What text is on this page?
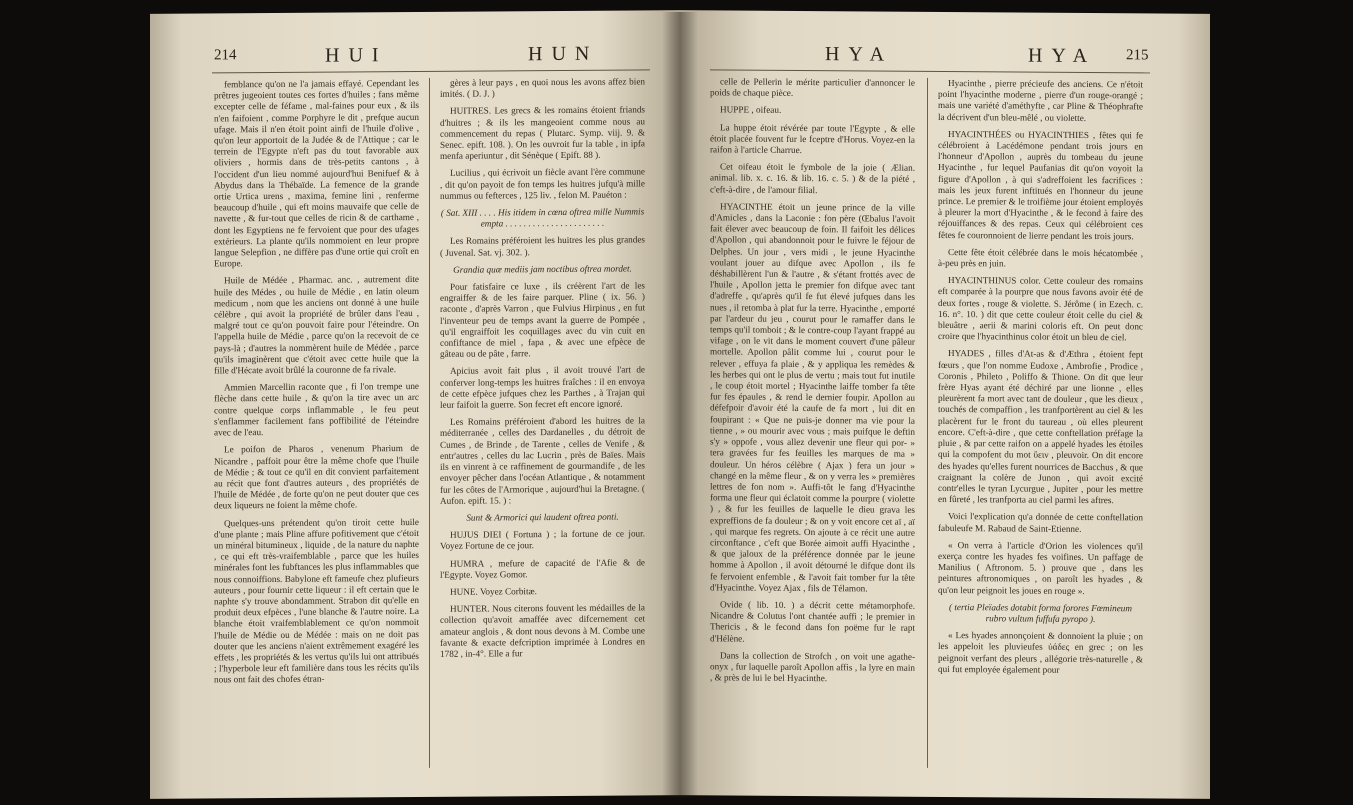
214	HUI	HUN

femblance qu'on ne l'a jamais effayé. Cependant les prêtres jugeoient toutes ces fortes d'huiles ; fans même excepter celle de féfame , mal-faines pour eux , & ils n'en faifoient , comme Porphyre le dit , prefque aucun ufage. Mais il n'en étoit point ainfi de l'huile d'olive , qu'on leur apportoit de la Judée & de l'Attique ; car le terrein de l'Egypte n'eft pas du tout favorable aux oliviers , hormis dans de très-petits cantons , à l'occident d'un lieu nommé aujourd'hui Benifuef & à Abydus dans la Thébaïde. La femence de la grande ortie Urtica urens , maxima, femine lini , renferme beaucoup d'huile , qui eft moins mauvaife que celle de navette , & fur-tout que celles de ricin & de carthame , dont les Egyptiens ne fe fervoient que pour des ufages extérieurs. La plante qu'ils nommoient en leur propre langue Selepfion , ne diffère pas d'une ortie qui croît en Europe.

Huile de Médée , Pharmac. anc. , autrement dite huile des Médes , ou huile de Médie , en latin oleum medicum , nom que les anciens ont donné à une huile célèbre , qui avoit la propriété de brûler dans l'eau , malgré tout ce qu'on pouvoit faire pour l'éteindre. On l'appella huile de Médie , parce qu'on la recevoit de ce pays-là ; d'autres la nommèrent huile de Médée , parce qu'ils imaginèrent que c'étoit avec cette huile que la fille d'Hécate avoit brûlé la couronne de fa rivale.

Ammien Marcellin raconte que , fi l'on trempe une flèche dans cette huile , & qu'on la tire avec un arc contre quelque corps inflammable , le feu peut s'enflammer facilement fans poffibilité de l'éteindre avec de l'eau.

Le poifon de Pharos , venenum Pharium de Nicandre , paffoit pour être la même chofe que l'huile de Médie ; & tout ce qu'il en dit convient parfaitement au récit que font d'autres auteurs , des propriétés de l'huile de Médée , de forte qu'on ne peut douter que ces deux liqueurs ne foient la même chofe.

Quelques-uns prétendent qu'on tiroit cette huile d'une plante ; mais Pline affure pofitivement que c'étoit un minéral bitumineux , liquide , de la nature du naphte , ce qui eft très-vraifemblable , parce que les huiles minérales font les fubftances les plus inflammables que nous connoiffions. Babylone eft fameufe chez plufieurs auteurs , pour fournir cette liqueur : il eft certain que le naphte s'y trouve abondamment. Strabon dit qu'elle en produit deux efpèces , l'une blanche & l'autre noire. La blanche étoit vraifemblablement ce qu'on nommoit l'huile de Médie ou de Médée : mais on ne doit pas douter que les anciens n'aient extrêmement exagéré les effets , les propriétés & les vertus qu'ils lui ont attribués ; l'hyperbole leur eft familière dans tous les récits qu'ils nous ont fait des chofes étran-

gères à leur pays , en quoi nous les avons affez bien imités. ( D. J. )

HUITRES. Les grecs & les romains étoient friands d'huitres ; & ils les mangeoient comme nous au commencement du repas ( Plutarc. Symp. viij. 9. & Senec. epift. 108. ). On les ouvroit fur la table , in ipfa menfa aperiuntur , dit Sénèque ( Epift. 88 ).

Lucilius , qui écrivoit un fiècle avant l'ère commune , dit qu'on payoit de fon temps les huitres jufqu'à mille nummus ou fefterces , 125 liv. , felon M. Pauéton :

( Sat. XIII . . . . His itidem in cœna oftrea mille Nummis empta . . . . . . . . . . . . . . . . . . . . . .

Les Romains préféroient les huitres les plus grandes ( Juvenal. Sat. vj. 302. ).

Grandia quæ mediis jam noctibus oftrea mordet.

Pour fatisfaire ce luxe , ils créèrent l'art de les engraiffer & de les faire parquer. Pline ( ix. 56. ) raconte , d'après Varron , que Fulvius Hirpinus , en fut l'inventeur peu de temps avant la guerre de Pompée , qu'il engraiffoit les coquillages avec du vin cuit en confiftance de miel , fapa , & avec une efpèce de gâteau ou de pâte , farre.

Apicius avoit fait plus , il avoit trouvé l'art de conferver long-temps les huitres fraîches : il en envoya de cette efpèce jufques chez les Parthes , à Trajan qui leur faifoit la guerre. Son fecret eft encore ignoré.

Les Romains préféroient d'abord les huitres de la méditerranée , celles des Dardanelles , du détroit de Cumes , de Brinde , de Tarente , celles de Venife , & entr'autres , celles du lac Lucrin , près de Baïes. Mais ils en vinrent à ce raffinement de gourmandife , de les envoyer pêcher dans l'océan Atlantique , & notamment fur les côtes de l'Armorique , aujourd'hui la Bretagne. ( Aufon. epift. 15. ) :

Sunt & Armorici qui laudent oftrea ponti.

HUJUS DIEI ( Fortuna ) ; la fortune de ce jour. Voyez Fortune de ce jour.

HUMRA , mefure de capacité de l'Afie & de l'Egypte. Voyez Gomor.

HUNE. Voyez Corbitæ.

HUNTER. Nous citerons fouvent les médailles de la collection qu'avoit amaffée avec difcernement cet amateur anglois , & dont nous devons à M. Combe une favante & exacte defcription imprimée à Londres en 1782 , in-4°. Elle a fur

HYA	HYA 215

celle de Pellerin le mérite particulier d'annoncer le poids de chaque pièce.

HUPPE , oifeau.

La huppe étoit révérée par toute l'Egypte , & elle étoit placée fouvent fur le fceptre d'Horus. Voyez-en la raifon à l'article Charrue.

Cet oifeau étoit le fymbole de la joie ( Ælian. animal. lib. x. c. 16. & lib. 16. c. 5. ) & de la piété , c'eft-à-dire , de l'amour filial.

HYACINTHE étoit un jeune prince de la ville d'Amicles , dans la Laconie : fon père (Œbalus l'avoit fait élever avec beaucoup de foin. Il faifoit les délices d'Apollon , qui abandonnoit pour le fuivre le féjour de Delphes. Un jour , vers midi , le jeune Hyacinthe voulant jouer au difque avec Apollon , ils fe déshabillèrent l'un & l'autre , & s'étant frottés avec de l'huile , Apollon jetta le premier fon difque avec tant d'adreffe , qu'après qu'il fe fut élevé jufques dans les nues , il retomba à plat fur la terre. Hyacinthe , emporté par l'ardeur du jeu , courut pour le ramaffer dans le temps qu'il tomboit ; & le contre-coup l'ayant frappé au vifage , on le vit dans le moment couvert d'une pâleur mortelle. Apollon pâlit comme lui , courut pour le relever , effuya fa plaie , & y appliqua les remèdes & les herbes qui ont le plus de vertu ; mais tout fut inutile , le coup étoit mortel ; Hyacinthe laiffe tomber fa tête fur fes épaules , & rend le dernier foupir. Apollon au défefpoir d'avoir été la caufe de fa mort , lui dit en foupirant : « Que ne puis-je donner ma vie pour la tienne , » ou mourir avec vous ; mais puifque le deftin s'y » oppofe , vous allez devenir une fleur qui por- » tera gravées fur fes feuilles les marques de ma » douleur. Un héros célèbre ( Ajax ) fera un jour » changé en la même fleur , & on y verra les » premières lettres de fon nom ». Auffi-tôt le fang d'Hyacinthe forma une fleur qui éclatoit comme la pourpre ( violette ) , & fur les feuilles de laquelle le dieu grava les expreffions de fa douleur ; & on y voit encore cet aï , aï , qui marque fes regrets. On ajoute à ce récit une autre circonftance , c'eft que Borée aimoit auffi Hyacinthe , & que jaloux de la préférence donnée par le jeune homme à Apollon , il avoit détourné le difque dont ils fe fervoient enfemble , & l'avoit fait tomber fur la tête d'Hyacinthe. Voyez Ajax , fils de Télamon.

Ovide ( lib. 10. ) a décrit cette métamorphofe. Nicandre & Colutus l'ont chantée auffi ; le premier in Thericis , & le fecond dans fon poëme fur le rapt d'Hélène.

Dans la collection de Strofch , on voit une agathe-onyx , fur laquelle paroît Apollon affis , la lyre en main , & près de lui le bel Hyacinthe.

Hyacinthe , pierre précieufe des anciens. Ce n'étoit point l'hyacinthe moderne , pierre d'un rouge-orangé ; mais une variété d'améthyfte , car Pline & Théophrafte la décrivent d'un bleu-mêlé , ou violette.

HYACINTHÉES ou HYACINTHIES , fêtes qui fe célébroient à Lacédémone pendant trois jours en l'honneur d'Apollon , auprès du tombeau du jeune Hyacinthe , fur lequel Paufanias dit qu'on voyoit la figure d'Apollon , à qui s'adreffoient les facrifices : mais les jeux furent inftitués en l'honneur du jeune prince. Le premier & le troifième jour étoient employés à pleurer la mort d'Hyacinthe , & le fecond à faire des réjouiffances & des repas. Ceux qui célébroient ces fêtes fe couronnoient de lierre pendant les trois jours.

Cette fête étoit célébrée dans le mois hécatombée , à-peu près en juin.

HYACINTHINUS color. Cette couleur des romains eft comparée à la pourpre que nous favons avoir été de deux fortes , rouge & violette. S. Jérôme ( in Ezech. c. 16. n°. 10. ) dit que cette couleur étoit celle du ciel & bleuâtre , aerii & marini coloris eft. On peut donc croire que l'hyacinthinus color étoit un bleu de ciel.

HYADES , filles d'At-as & d'Æthra , étoient fept fœurs , que l'on nomme Eudoxe , Ambrofie , Prodice , Coronis , Phileto , Poliffo & Thione. On dit que leur frère Hyas ayant été déchiré par une lionne , elles pleurèrent fa mort avec tant de douleur , que les dieux , touchés de compaffion , les tranfportèrent au ciel & les placèrent fur le front du taureau , où elles pleurent encore. C'eft-à-dire , que cette conftellation préfage la pluie , & par cette raifon on a appelé hyades les étoiles qui la compofent du mot ὕειν , pleuvoir. On dit encore des hyades qu'elles furent nourrices de Bacchus , & que craignant la colère de Junon , qui avoit excité contr'elles le tyran Lycurgue , Jupiter , pour les mettre en fûreté , les tranfporta au ciel parmi les aftres.

Voici l'explication qu'a donnée de cette conftellation fabuleufe M. Rabaud de Saint-Etienne.

« On verra à l'article d'Orion les violences qu'il exerça contre les hyades fes voifines. Un paffage de Manilius ( Aftronom. 5. ) prouve que , dans les peintures aftronomiques , on paroît les hyades , & qu'on leur peignoit les joues en rouge ».

( tertia Pleïades dotabit forma forores Fœmineum rubro vultum fuffufa pyropo ).

« Les hyades annonçoient & donnoient la pluie ; on les appeloit les pluvieufes ὑάδες en grec ; on les peignoit verfant des pleurs , allégorie très-naturelle , & qui fut employée également pour
